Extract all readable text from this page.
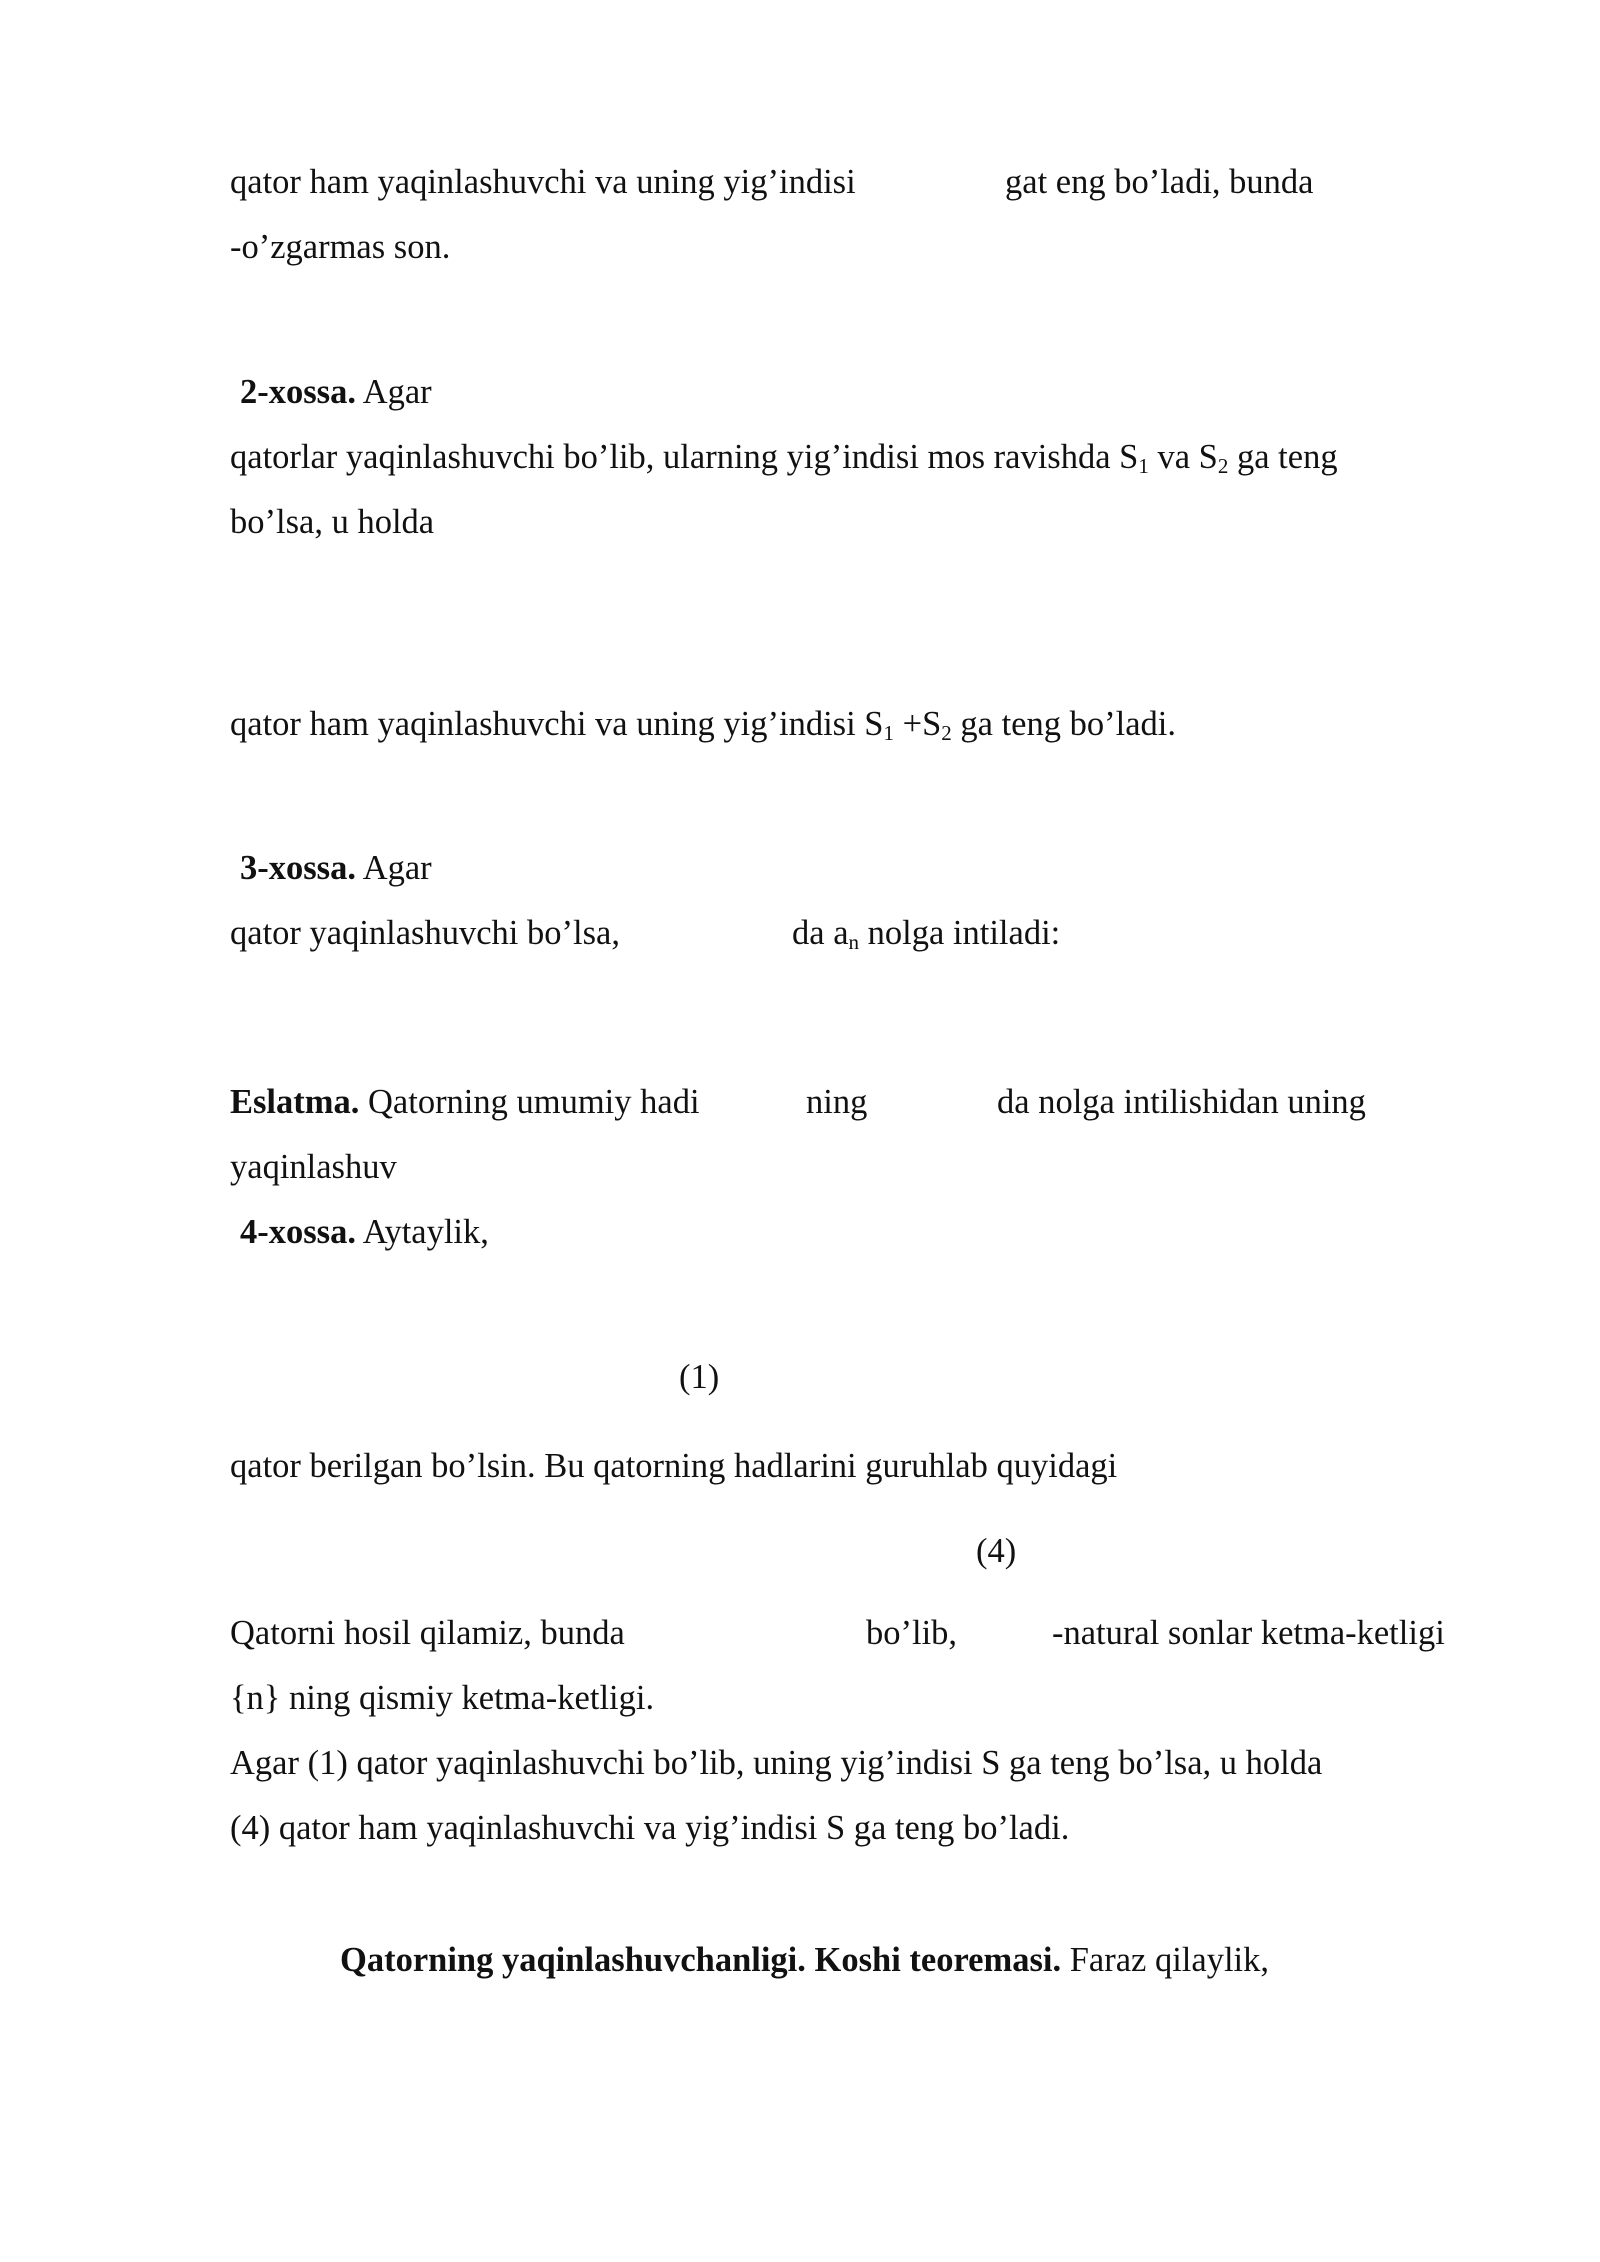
qator ham yaqinlashuvchi va uning yig’indisi	gat eng bo’ladi, bunda
-o’zgarmas son.
2-xossa. Agar
qatorlar yaqinlashuvchi bo’lib, ularning yig’indisi mos ravishda $S_1$ va $S_2$ ga teng
bo’lsa, u holda
qator ham yaqinlashuvchi va uning yig’indisi $S_1 +S_2$ ga teng bo’ladi.
3-xossa. Agar
qator yaqinlashuvchi bo’lsa,	da $a_n$ nolga intiladi:
Eslatma. Qatorning umumiy hadi	ning	da nolga intilishidan uning
yaqinlashuv
4-xossa. Aytaylik,
(1)
qator berilgan bo’lsin. Bu qatorning hadlarini guruhlab quyidagi
(4)
Qatorni hosil qilamiz, bunda	bo’lib,	-natural sonlar ketma-ketligi
{n} ning qismiy ketma-ketligi.
Agar (1) qator yaqinlashuvchi bo’lib, uning yig’indisi S ga teng bo’lsa, u holda
(4) qator ham yaqinlashuvchi va yig’indisi S ga teng bo’ladi.
Qatorning yaqinlashuvchanligi. Koshi teoremasi. Faraz qilaylik,
